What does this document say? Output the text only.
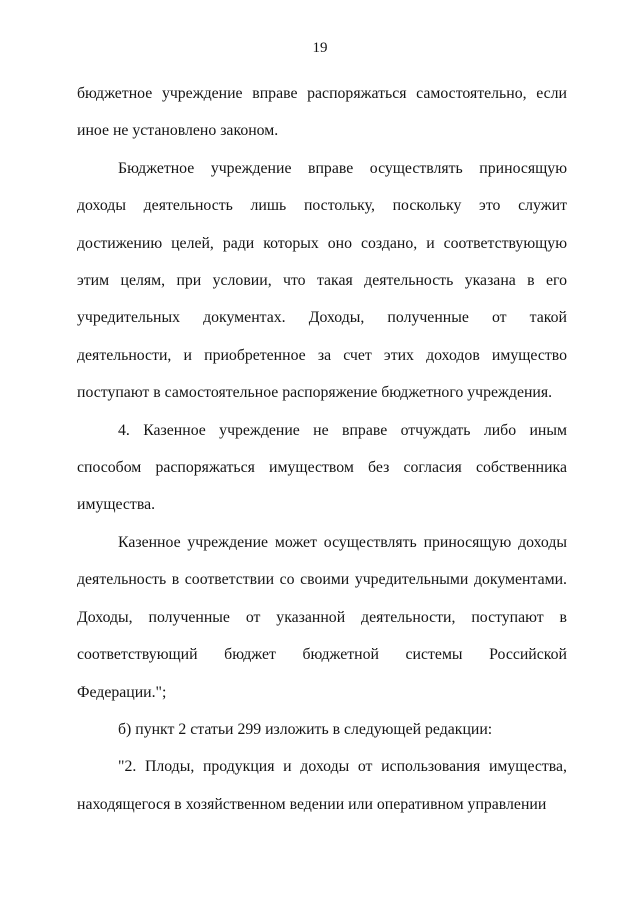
19

бюджетное учреждение вправе распоряжаться самостоятельно, если иное не установлено законом.

Бюджетное учреждение вправе осуществлять приносящую доходы деятельность лишь постольку, поскольку это служит достижению целей, ради которых оно создано, и соответствующую этим целям, при условии, что такая деятельность указана в его учредительных документах. Доходы, полученные от такой деятельности, и приобретенное за счет этих доходов имущество поступают в самостоятельное распоряжение бюджетного учреждения.

4. Казенное учреждение не вправе отчуждать либо иным способом распоряжаться имуществом без согласия собственника имущества.

Казенное учреждение может осуществлять приносящую доходы деятельность в соответствии со своими учредительными документами. Доходы, полученные от указанной деятельности, поступают в соответствующий бюджет бюджетной системы Российской Федерации.";

б) пункт 2 статьи 299 изложить в следующей редакции:

"2. Плоды, продукция и доходы от использования имущества, находящегося в хозяйственном ведении или оперативном управлении
